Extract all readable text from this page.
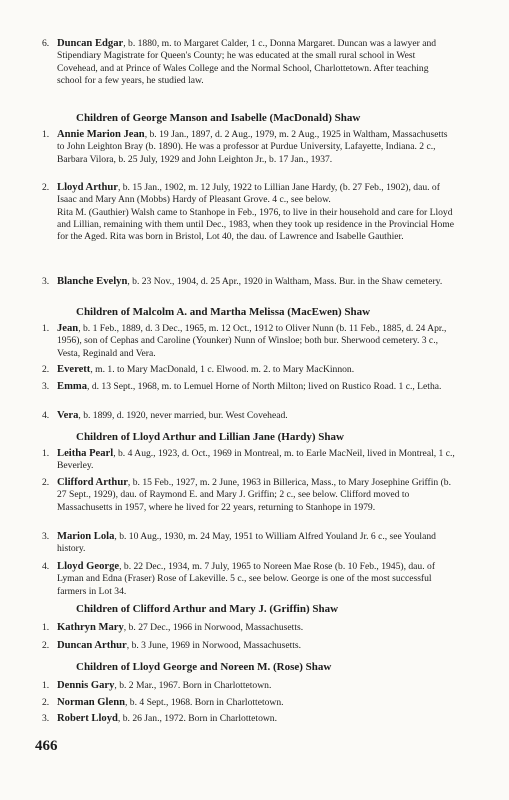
6. Duncan Edgar, b. 1880, m. to Margaret Calder, 1 c., Donna Margaret. Duncan was a lawyer and Stipendiary Magistrate for Queen's County; he was educated at the small rural school in West Covehead, and at Prince of Wales College and the Normal School, Charlottetown. After teaching school for a few years, he studied law.
Children of George Manson and Isabelle (MacDonald) Shaw
1. Annie Marion Jean, b. 19 Jan., 1897, d. 2 Aug., 1979, m. 2 Aug., 1925 in Waltham, Massachusetts to John Leighton Bray (b. 1890). He was a professor at Purdue University, Lafayette, Indiana. 2 c., Barbara Vilora, b. 25 July, 1929 and John Leighton Jr., b. 17 Jan., 1937.
2. Lloyd Arthur, b. 15 Jan., 1902, m. 12 July, 1922 to Lillian Jane Hardy, (b. 27 Feb., 1902), dau. of Isaac and Mary Ann (Mobbs) Hardy of Pleasant Grove. 4 c., see below.
Rita M. (Gauthier) Walsh came to Stanhope in Feb., 1976, to live in their household and care for Lloyd and Lillian, remaining with them until Dec., 1983, when they took up residence in the Provincial Home for the Aged. Rita was born in Bristol, Lot 40, the dau. of Lawrence and Isabelle Gauthier.
3. Blanche Evelyn, b. 23 Nov., 1904, d. 25 Apr., 1920 in Waltham, Mass. Bur. in the Shaw cemetery.
Children of Malcolm A. and Martha Melissa (MacEwen) Shaw
1. Jean, b. 1 Feb., 1889, d. 3 Dec., 1965, m. 12 Oct., 1912 to Oliver Nunn (b. 11 Feb., 1885, d. 24 Apr., 1956), son of Cephas and Caroline (Younker) Nunn of Winsloe; both bur. Sherwood cemetery. 3 c., Vesta, Reginald and Vera.
2. Everett, m. 1. to Mary MacDonald, 1 c. Elwood. m. 2. to Mary MacKinnon.
3. Emma, d. 13 Sept., 1968, m. to Lemuel Horne of North Milton; lived on Rustico Road. 1 c., Letha.
4. Vera, b. 1899, d. 1920, never married, bur. West Covehead.
Children of Lloyd Arthur and Lillian Jane (Hardy) Shaw
1. Leitha Pearl, b. 4 Aug., 1923, d. Oct., 1969 in Montreal, m. to Earle MacNeil, lived in Montreal, 1 c., Beverley.
2. Clifford Arthur, b. 15 Feb., 1927, m. 2 June, 1963 in Billerica, Mass., to Mary Josephine Griffin (b. 27 Sept., 1929), dau. of Raymond E. and Mary J. Griffin; 2 c., see below. Clifford moved to Massachusetts in 1957, where he lived for 22 years, returning to Stanhope in 1979.
3. Marion Lola, b. 10 Aug., 1930, m. 24 May, 1951 to William Alfred Youland Jr. 6 c., see Youland history.
4. Lloyd George, b. 22 Dec., 1934, m. 7 July, 1965 to Noreen Mae Rose (b. 10 Feb., 1945), dau. of Lyman and Edna (Fraser) Rose of Lakeville. 5 c., see below. George is one of the most successful farmers in Lot 34.
Children of Clifford Arthur and Mary J. (Griffin) Shaw
1. Kathryn Mary, b. 27 Dec., 1966 in Norwood, Massachusetts.
2. Duncan Arthur, b. 3 June, 1969 in Norwood, Massachusetts.
Children of Lloyd George and Noreen M. (Rose) Shaw
1. Dennis Gary, b. 2 Mar., 1967. Born in Charlottetown.
2. Norman Glenn, b. 4 Sept., 1968. Born in Charlottetown.
3. Robert Lloyd, b. 26 Jan., 1972. Born in Charlottetown.
466
